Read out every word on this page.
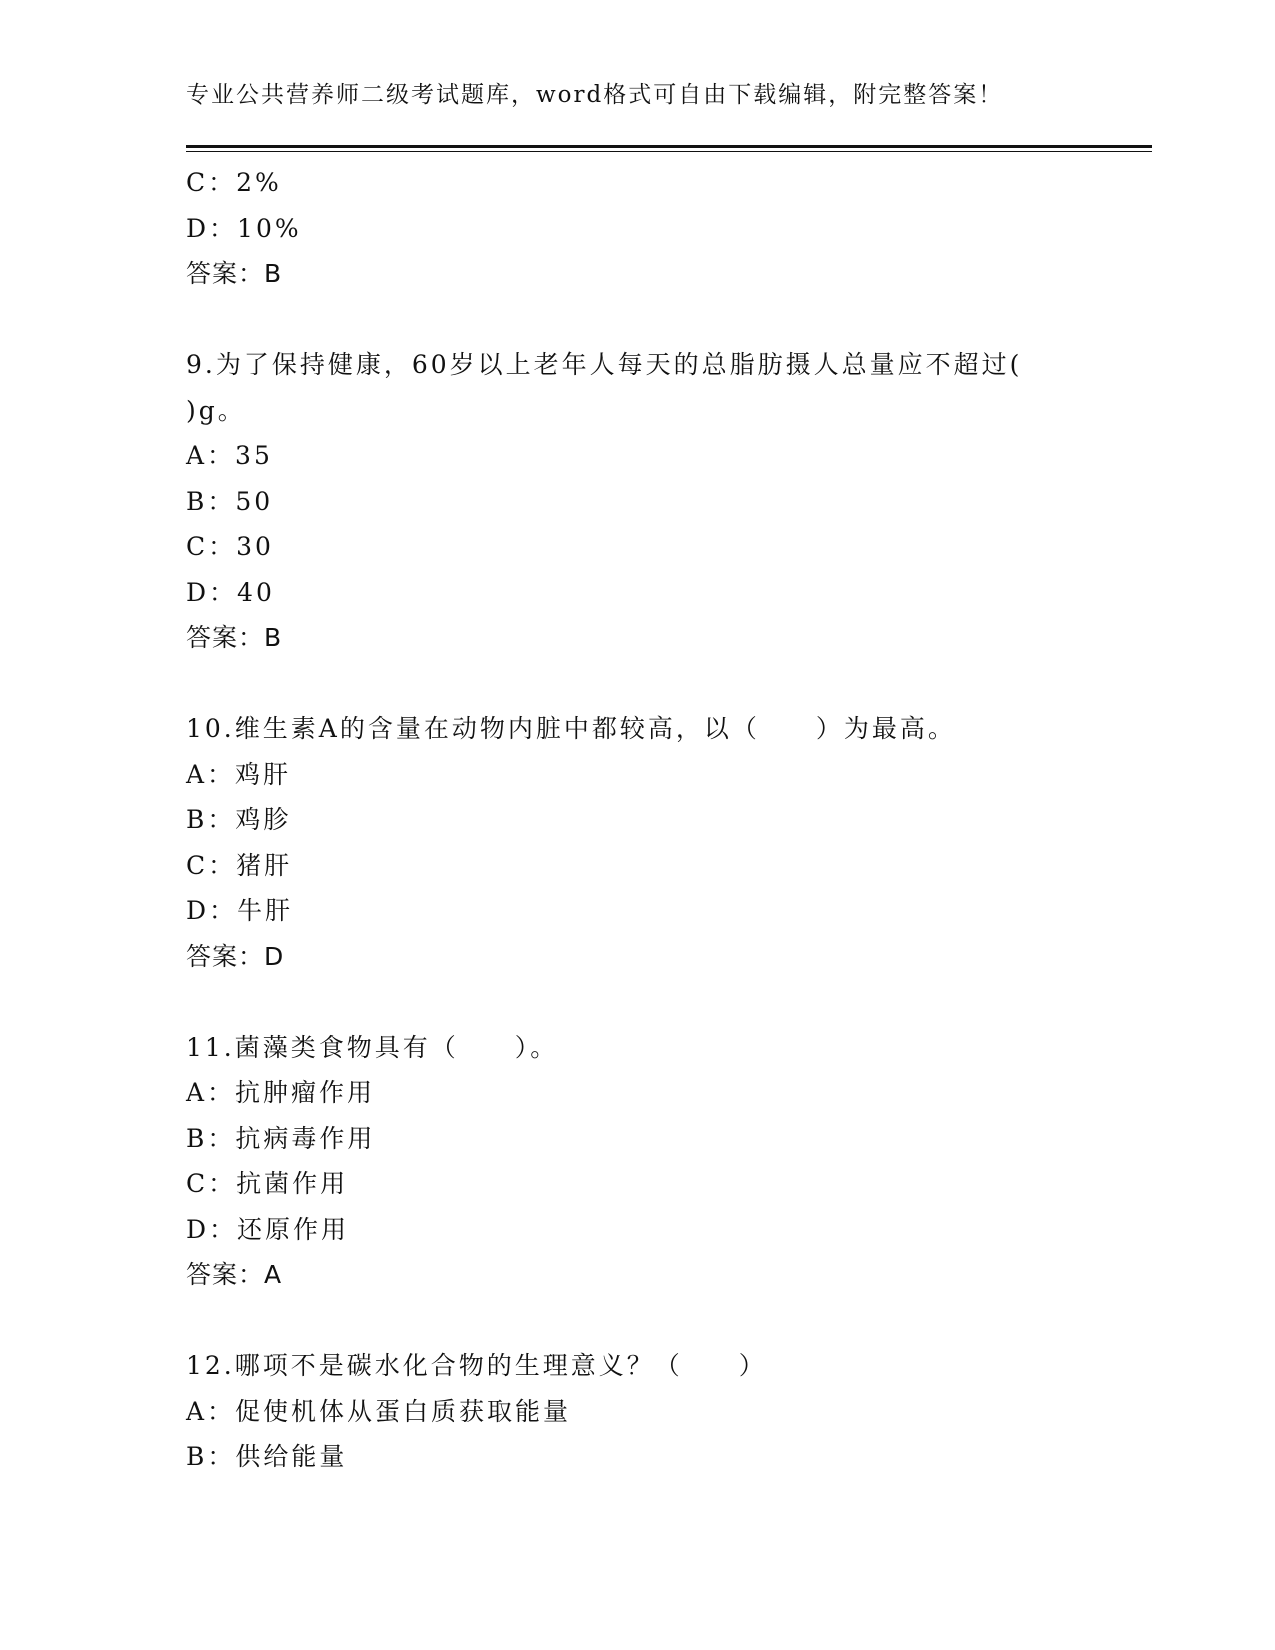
专业公共营养师二级考试题库，word格式可自由下载编辑，附完整答案！
C：2%
D：10%
答案：B
9.为了保持健康，60岁以上老年人每天的总脂肪摄人总量应不超过(
)g。
A：35
B：50
C：30
D：40
答案：B
10.维生素A的含量在动物内脏中都较高，以（　　）为最高。
A：鸡肝
B：鸡胗
C：猪肝
D：牛肝
答案：D
11.菌藻类食物具有（　　）。
A：抗肿瘤作用
B：抗病毒作用
C：抗菌作用
D：还原作用
答案：A
12.哪项不是碳水化合物的生理意义？（　　）
A：促使机体从蛋白质获取能量
B：供给能量
